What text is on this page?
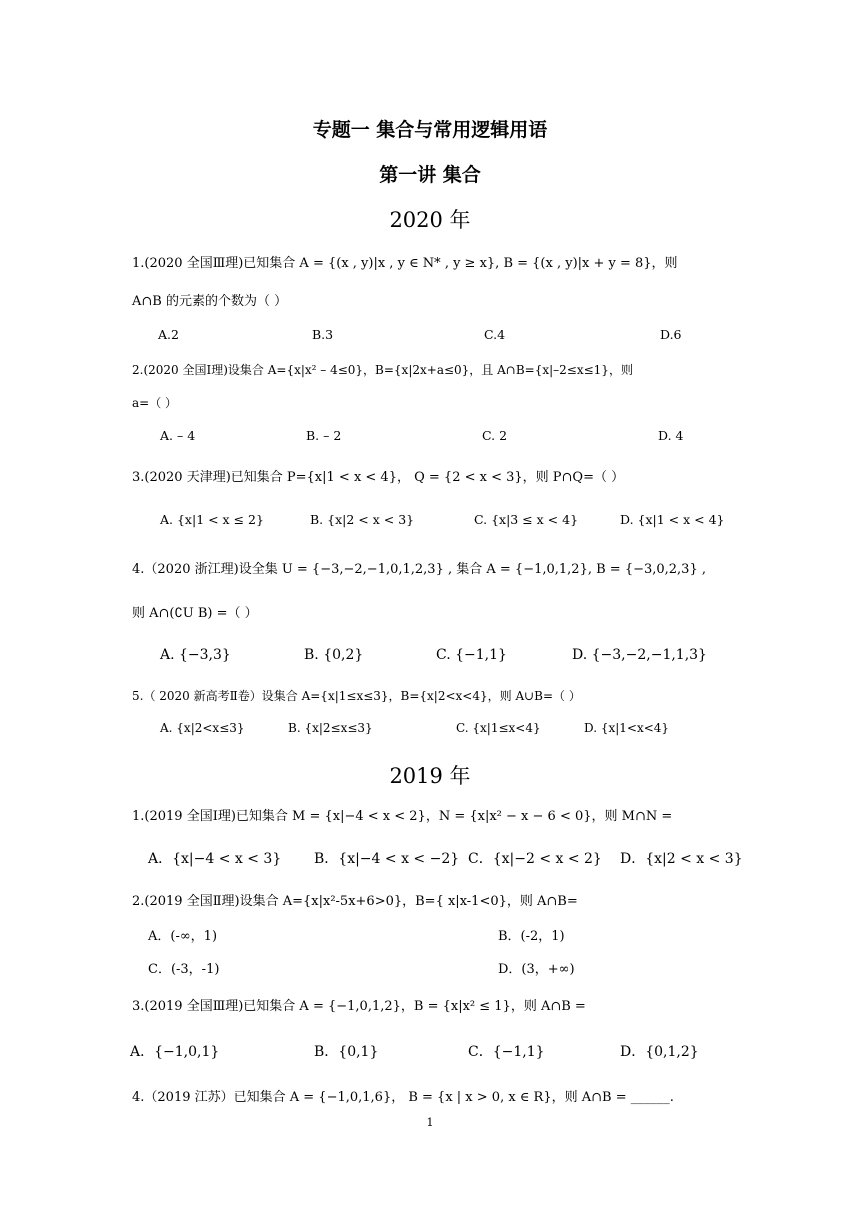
专题一 集合与常用逻辑用语
第一讲 集合
2020 年
1.(2020 全国Ⅲ理)已知集合 A = {(x , y)|x , y ∈ N* , y ≥ x}, B = {(x , y)|x + y = 8}，则
A∩B 的元素的个数为（ ）
A.2	B.3	C.4	D.6
2.(2020 全国Ⅰ理)设集合 A={x|x² – 4≤0}，B={x|2x+a≤0}，且 A∩B={x|–2≤x≤1}，则
a=（ ）
A. – 4	B. – 2	C. 2	D. 4
3.(2020 天津理)已知集合 P={x|1 < x < 4}， Q = {2 < x < 3}，则 P∩Q=（ ）
A. {x|1 < x ≤ 2}	B. {x|2 < x < 3}	C. {x|3 ≤ x < 4}	D. {x|1 < x < 4}
4.（2020 浙江理)设全集 U = {−3,−2,−1,0,1,2,3} , 集合 A = {−1,0,1,2}, B = {−3,0,2,3} ,
则 A∩(∁U B) =（ ）
A. {−3,3}	B. {0,2}	C. {−1,1}	D. {−3,−2,−1,1,3}
5.（ 2020 新高考Ⅱ卷）设集合 A={x|1≤x≤3}，B={x|2<x<4}，则 A∪B=（ ）
A. {x|2<x≤3}	B. {x|2≤x≤3}	C. {x|1≤x<4}	D. {x|1<x<4}
2019 年
1.(2019 全国Ⅰ理)已知集合 M = {x|−4 < x < 2}，N = {x|x² − x − 6 < 0}，则 M∩N =
A．{x|−4 < x < 3} B．{x|−4 < x < −2} C．{x|−2 < x < 2} D．{x|2 < x < 3}
2.(2019 全国Ⅱ理)设集合 A={x|x²-5x+6>0}，B={ x|x-1<0}，则 A∩B=
A．(-∞，1)	B．(-2，1)
C．(-3，-1)	D．(3，+∞)
3.(2019 全国Ⅲ理)已知集合 A = {−1,0,1,2}，B = {x|x² ≤ 1}，则 A∩B =
A．{−1,0,1}	B．{0,1}	C．{−1,1}	D．{0,1,2}
4.（2019 江苏）已知集合 A = {−1,0,1,6}， B = {x | x > 0, x ∈ R}，则 A∩B = ______.
1
